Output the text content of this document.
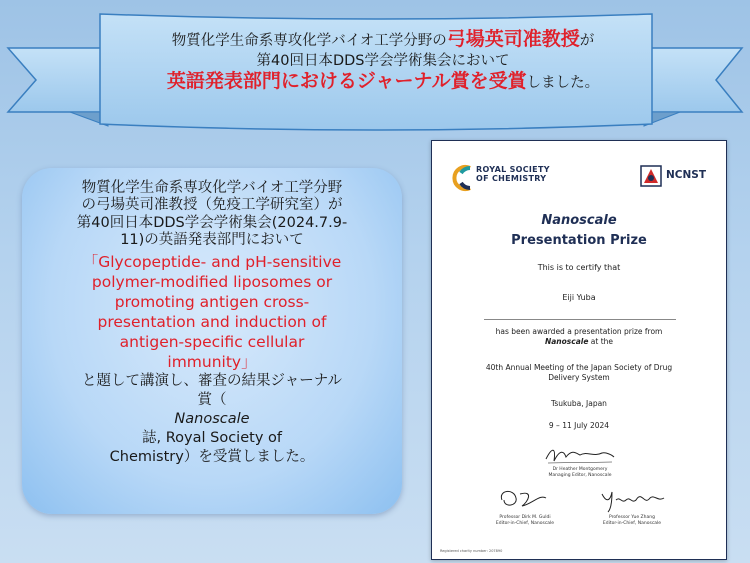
物質化学生命系専攻化学バイオ工学分野の弓場英司准教授が
第40回日本DDS学会学術集会において
英語発表部門におけるジャーナル賞を受賞しました。
物質化学生命系専攻化学バイオ工学分野
の弓場英司准教授（免疫工学研究室）が
第40回日本DDS学会学術集会(2024.7.9-
11)の英語発表部門において
「Glycopeptide- and pH-sensitive
polymer-modified liposomes or
promoting antigen cross-
presentation and induction of
antigen-specific cellular
immunity」
と題して講演し、審査の結果ジャーナル
賞（
Nanoscale
誌, Royal Society of
Chemistry）を受賞しました。
ROYAL SOCIETY
OF CHEMISTRY	NCNST
Nanoscale
Presentation Prize
This is to certify that
Eiji Yuba
has been awarded a presentation prize from
Nanoscale at the
40th Annual Meeting of the Japan Society of Drug
Delivery System
Tsukuba, Japan
9 – 11 July 2024
Dr Heather Montgomery
Managing Editor, Nanoscale
Professor Dirk M. Guldi
Editor-in-Chief, Nanoscale
Professor Yue Zhang
Editor-in-Chief, Nanoscale
Registered charity number: 207890
